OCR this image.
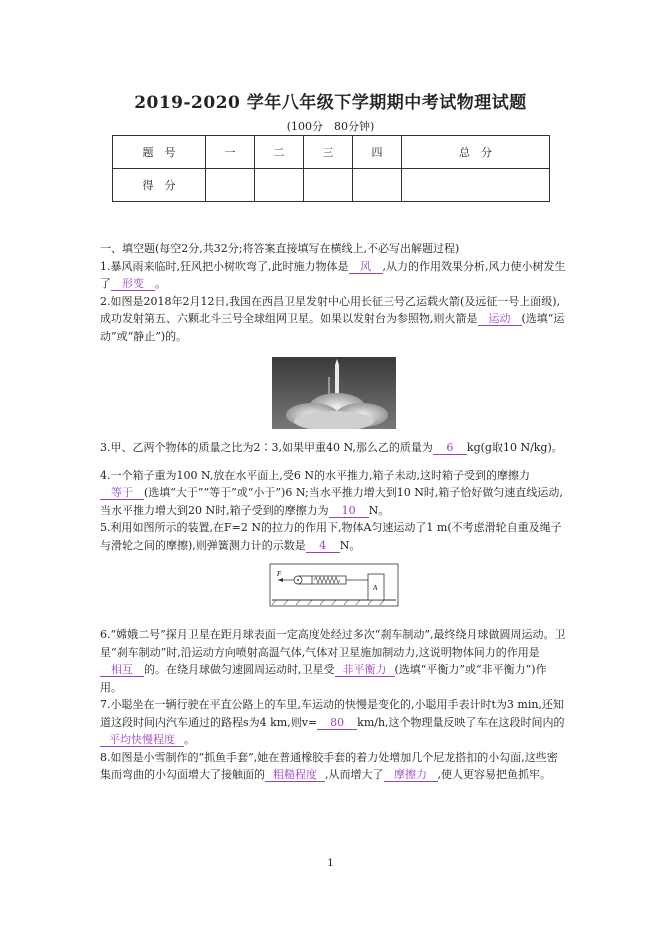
2019-2020 学年八年级下学期期中考试物理试题
(100分　80分钟)
题　号	一	二	三	四	总　分
得　分					

一、填空题(每空2分,共32分;将答案直接填写在横线上,不必写出解题过程)

1.暴风雨来临时,狂风把小树吹弯了,此时施力物体是 风 ,从力的作用效果分析,风力使小树发生了 形变 。

2.如图是2018年2月12日,我国在西昌卫星发射中心用长征三号乙运载火箭(及远征一号上面级),成功发射第五、六颗北斗三号全球组网卫星。如果以发射台为参照物,则火箭是 运动 (选填“运动”或“静止”)的。

3.甲、乙两个物体的质量之比为2∶3,如果甲重40 N,那么乙的质量为 6 kg(g取10 N/kg)。

4.一个箱子重为100 N,放在水平面上,受6 N的水平推力,箱子未动,这时箱子受到的摩擦力等于 (选填“大于”“等于”或“小于”)6 N;当水平推力增大到10 N时,箱子恰好做匀速直线运动,当水平推力增大到20 N时,箱子受到的摩擦力为 10 N。

5.利用如图所示的装置,在F=2 N的拉力的作用下,物体A匀速运动了1 m(不考虑滑轮自重及绳子与滑轮之间的摩擦),则弹簧测力计的示数是 4 N。

F
A

6.“嫦娥二号”探月卫星在距月球表面一定高度处经过多次“刹车制动”,最终绕月球做圆周运动。卫星“刹车制动”时,沿运动方向喷射高温气体,气体对卫星施加制动力,这说明物体间力的作用是相互 的。在绕月球做匀速圆周运动时,卫星受 非平衡力 (选填“平衡力”或“非平衡力”)作用。

7.小聪坐在一辆行驶在平直公路上的车里,车运动的快慢是变化的,小聪用手表计时t为3 min,还知道这段时间内汽车通过的路程s为4 km,则v= 80 km/h,这个物理量反映了车在这段时间内的平均快慢程度 。

8.如图是小雪制作的“抓鱼手套”,她在普通橡胶手套的着力处增加几个尼龙搭扣的小勾面,这些密集而弯曲的小勾面增大了接触面的 粗糙程度 ,从而增大了 摩擦力 ,使人更容易把鱼抓牢。

1
